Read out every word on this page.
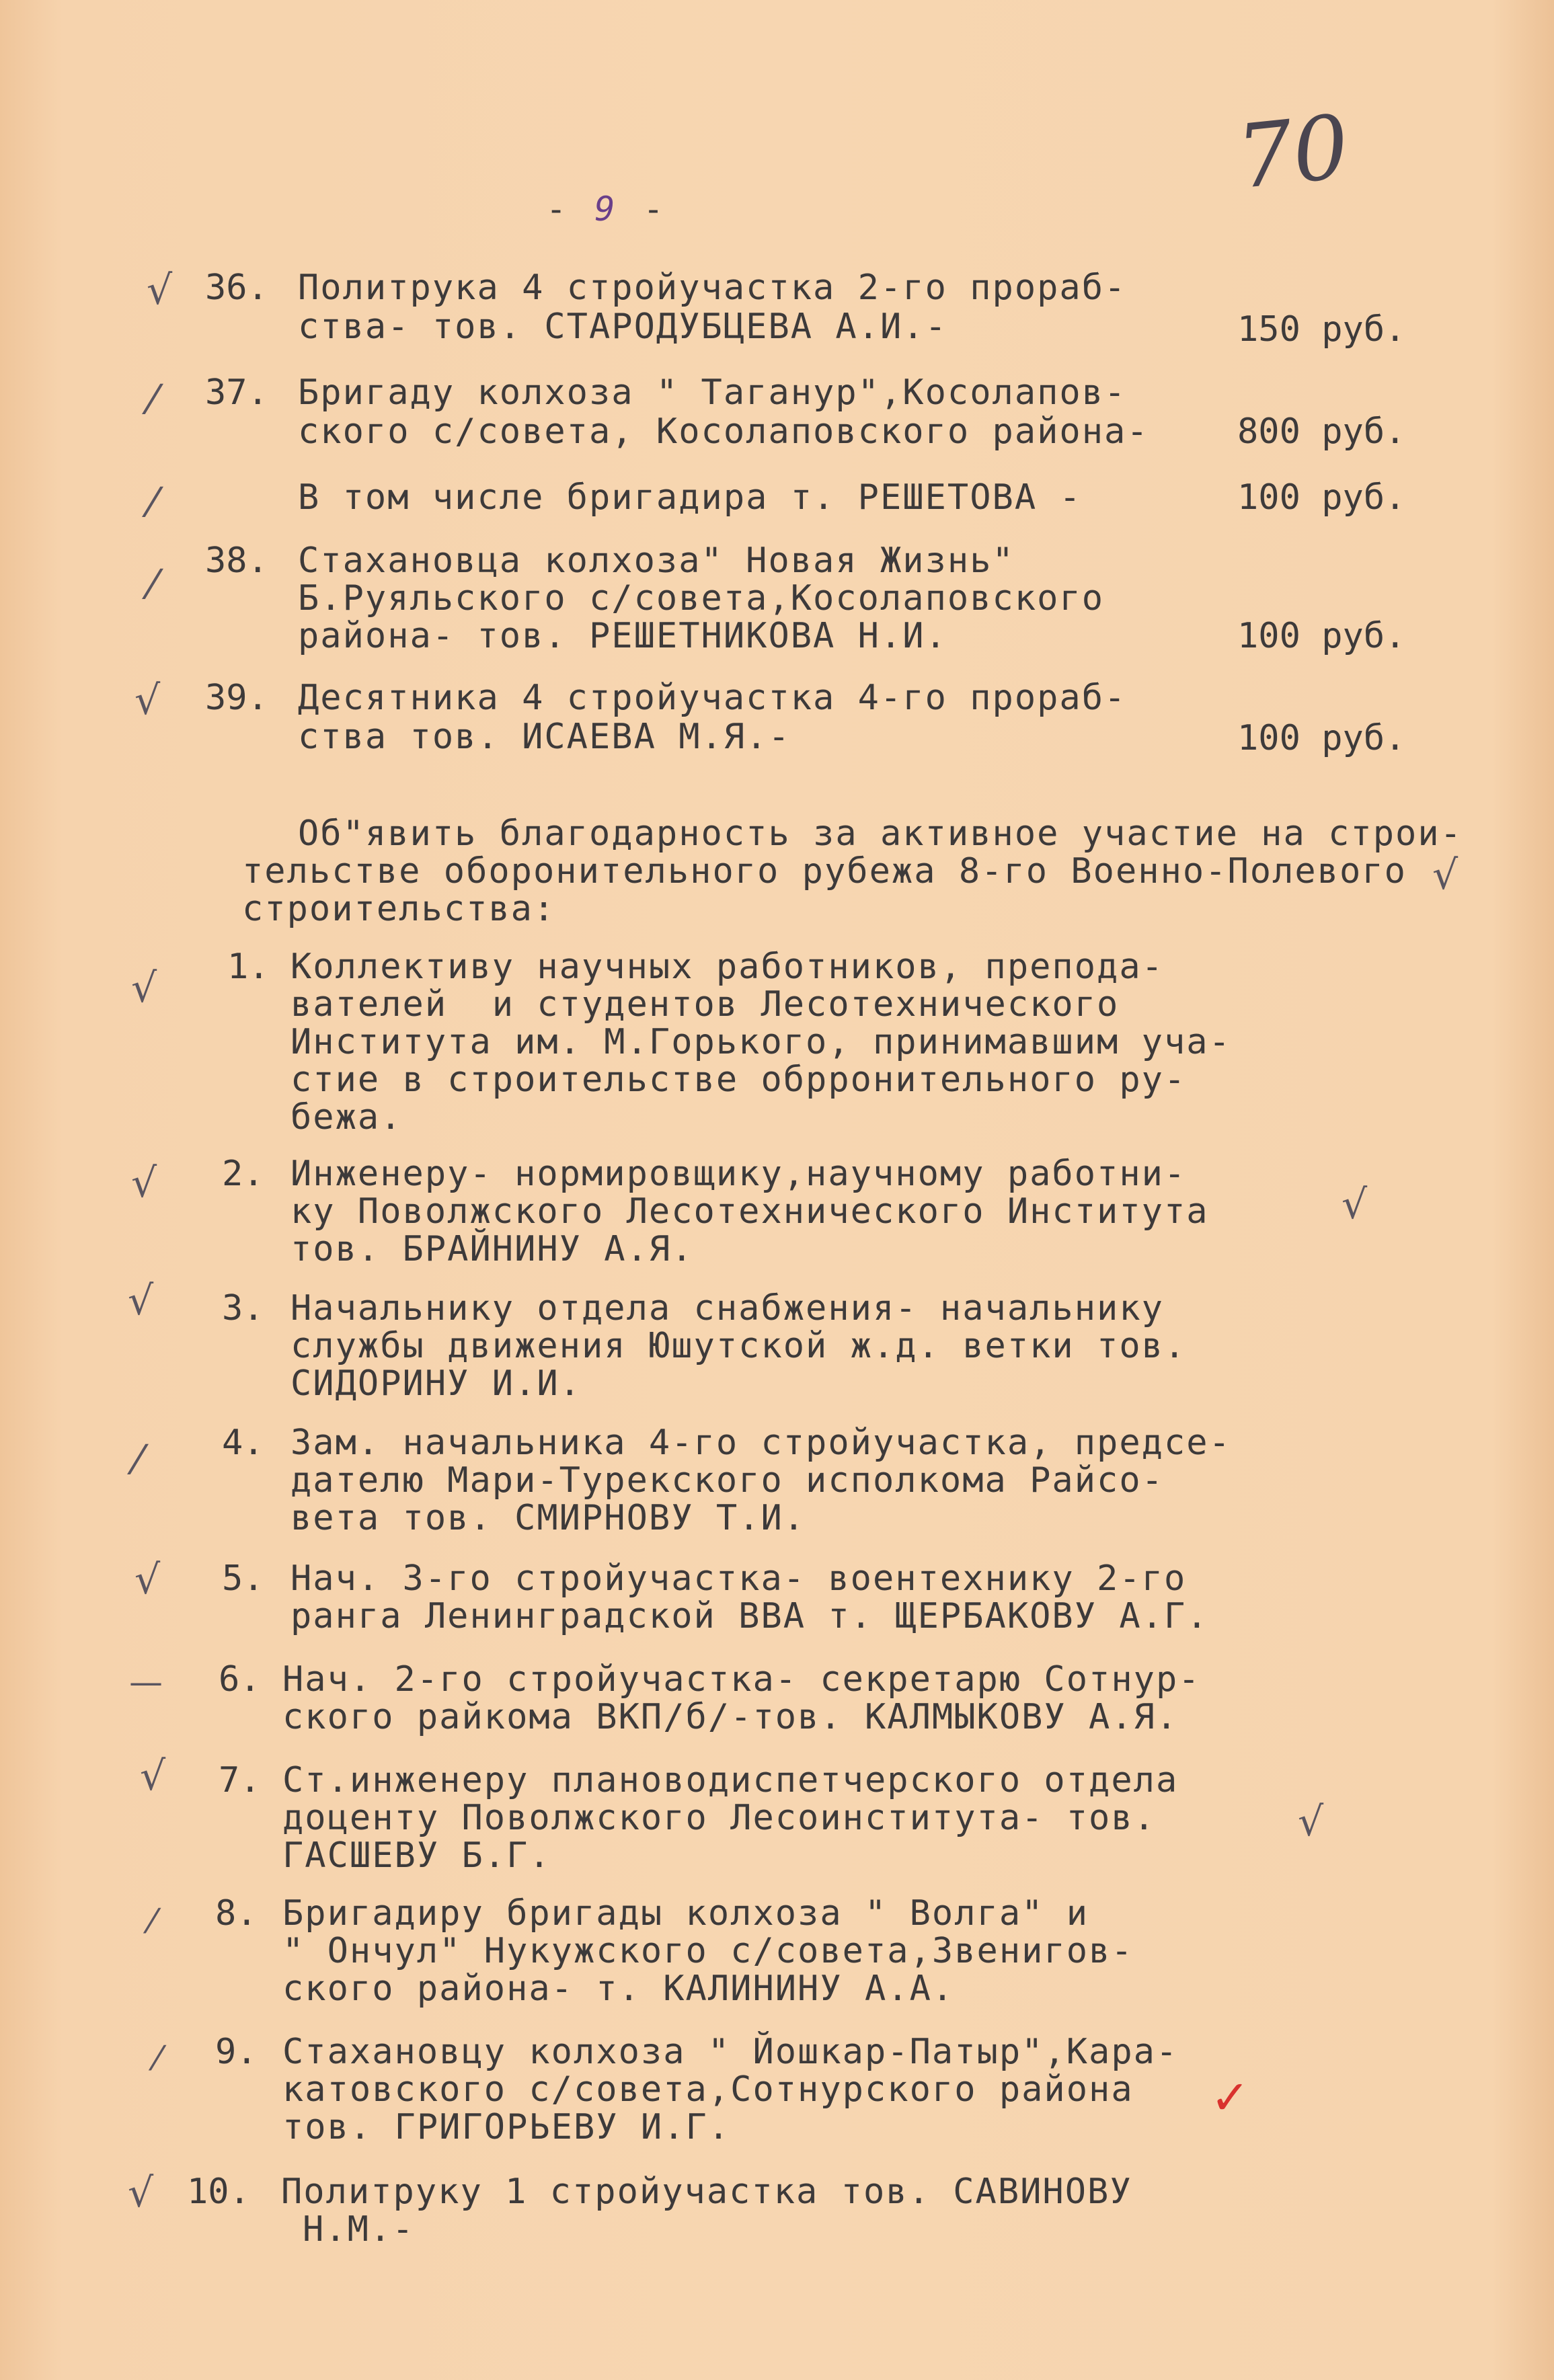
70
- 9 -
√ 36. Политрука 4 стройучастка 2-го прораб-
ства- тов. СТАРОДУБЦЕВА А.И.-	150 руб.
⁄ 37. Бригаду колхоза " Таганур",Косолапов-
ского с/совета, Косолаповского района-	800 руб.
⁄	В том числе бригадира т. РЕШЕТОВА -	100 руб.
⁄
38. Стахановца колхоза" Новая Жизнь"
Б.Руяльского с/совета,Косолаповского
района- тов. РЕШЕТНИКОВА Н.И.	100 руб.
√ 39. Десятника 4 стройучастка 4-го прораб-
ства тов. ИСАЕВА М.Я.-	100 руб.
Об"явить благодарность за активное участие на строи-
тельстве оборонительного рубежа 8-го Военно-Полевого
строительства:
√
√ 1. Коллективу научных работников, препода-
вателей  и студентов Лесотехнического
Института им. М.Горького, принимавшим уча-
стие в строительстве обрронительного ру-
бежа.
√ 2. Инженеру- нормировщику,научному работни-
ку Поволжского Лесотехнического Института
тов. БРАЙНИНУ А.Я.
√
√ 3. Начальнику отдела снабжения- начальнику
службы движения Юшутской ж.д. ветки тов.
СИДОРИНУ И.И.
⁄ 4. Зам. начальника 4-го стройучастка, предсе-
дателю Мари-Турекского исполкома Райсо-
вета тов. СМИРНОВУ Т.И.
√ 5. Нач. 3-го стройучастка- воентехнику 2-го
ранга Ленинградской ВВА т. ЩЕРБАКОВУ А.Г.
— 6. Нач. 2-го стройучастка- секретарю Сотнур-
ского райкома ВКП/б/-тов. КАЛМЫКОВУ А.Я.
√ 7. Ст.инженеру плановодиспетчерского отдела
доценту Поволжского Лесоинститута- тов.
ГАСШЕВУ Б.Г.
√
⁄ 8. Бригадиру бригады колхоза " Волга" и
" Ончул" Нукужского с/совета,Звенигов-
ского района- т. КАЛИНИНУ А.А.
⁄ 9. Стахановцу колхоза " Йошкар-Патыр",Кара-
катовского с/совета,Сотнурского района
тов. ГРИГОРЬЕВУ И.Г.
✓
√ 10. Политруку 1 стройучастка тов. САВИНОВУ
Н.М.-
